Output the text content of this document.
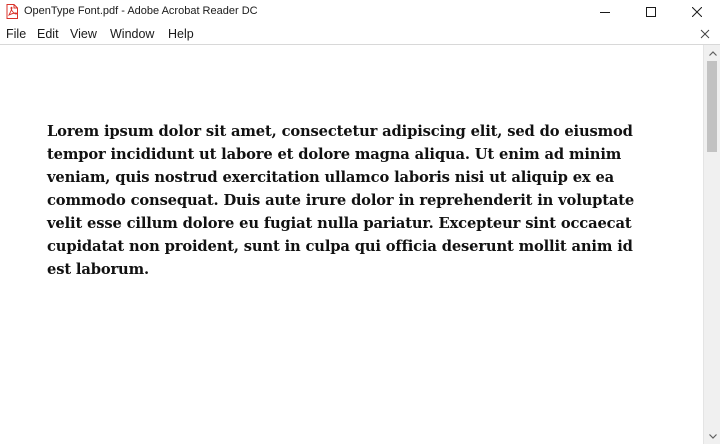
OpenType Font.pdf - Adobe Acrobat Reader DC
File Edit View Window Help

Lorem ipsum dolor sit amet, consectetur adipiscing elit, sed do eiusmod tempor incididunt ut labore et dolore magna aliqua. Ut enim ad minim veniam, quis nostrud exercitation ullamco laboris nisi ut aliquip ex ea commodo consequat. Duis aute irure dolor in reprehenderit in voluptate velit esse cillum dolore eu fugiat nulla pariatur. Excepteur sint occaecat cupidatat non proident, sunt in culpa qui officia deserunt mollit anim id est laborum.
